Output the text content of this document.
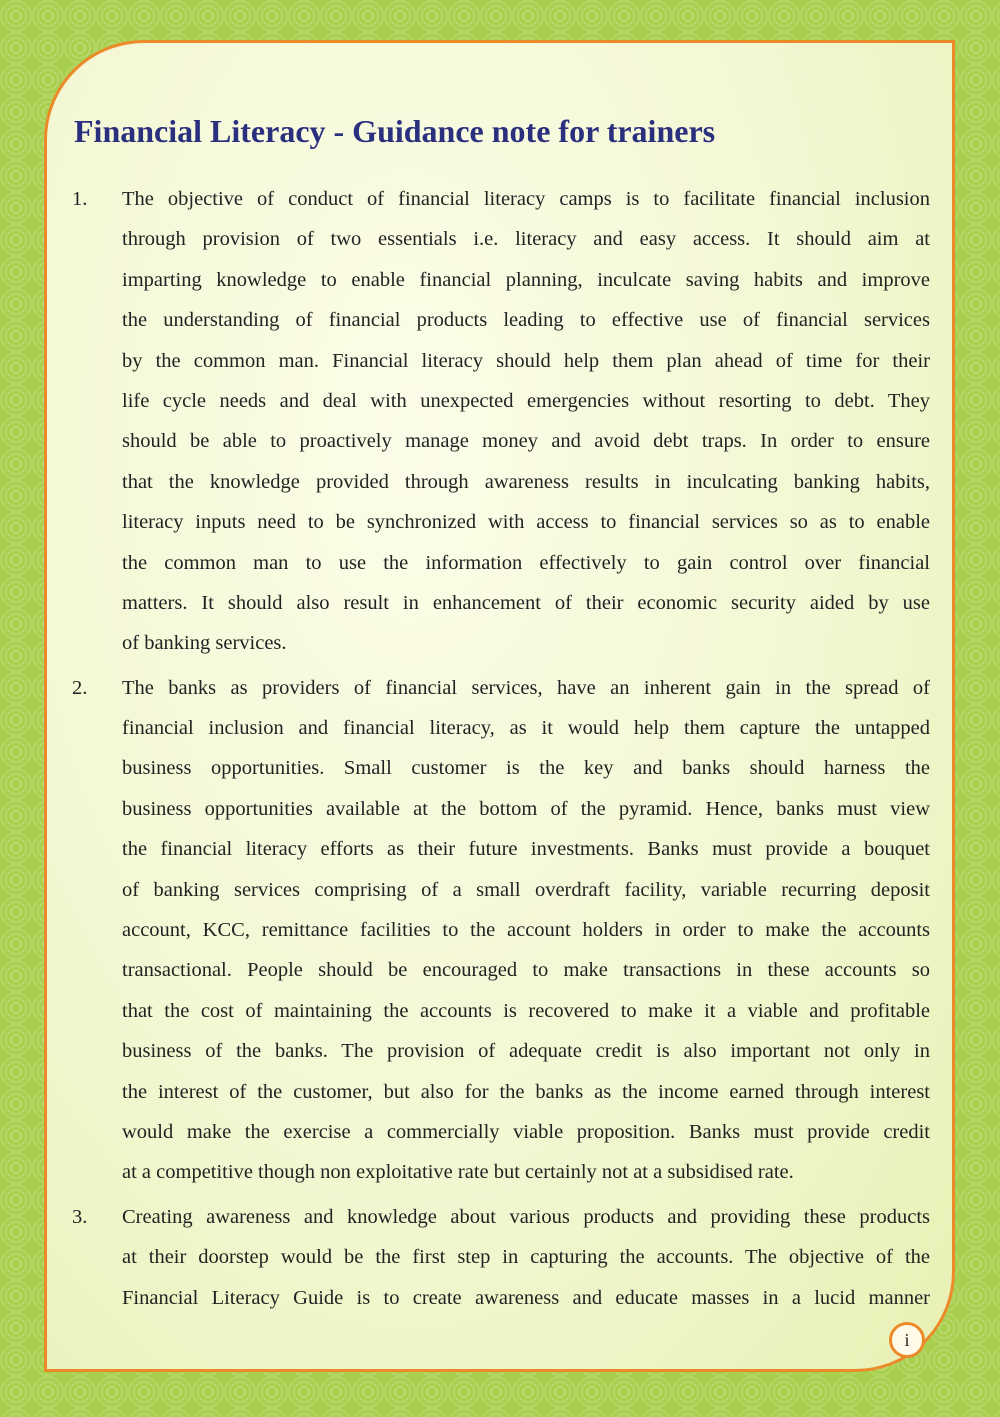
Financial Literacy - Guidance note for trainers
1. The objective of conduct of financial literacy camps is to facilitate financial inclusion
through provision of two essentials i.e. literacy and easy access. It should aim at
imparting knowledge to enable financial planning, inculcate saving habits and improve
the understanding of financial products leading to effective use of financial services
by the common man. Financial literacy should help them plan ahead of time for their
life cycle needs and deal with unexpected emergencies without resorting to debt. They
should be able to proactively manage money and avoid debt traps. In order to ensure
that the knowledge provided through awareness results in inculcating banking habits,
literacy inputs need to be synchronized with access to financial services so as to enable
the common man to use the information effectively to gain control over financial
matters. It should also result in enhancement of their economic security aided by use
of banking services.
2. The banks as providers of financial services, have an inherent gain in the spread of
financial inclusion and financial literacy, as it would help them capture the untapped
business opportunities. Small customer is the key and banks should harness the
business opportunities available at the bottom of the pyramid. Hence, banks must view
the financial literacy efforts as their future investments. Banks must provide a bouquet
of banking services comprising of a small overdraft facility, variable recurring deposit
account, KCC, remittance facilities to the account holders in order to make the accounts
transactional. People should be encouraged to make transactions in these accounts so
that the cost of maintaining the accounts is recovered to make it a viable and profitable
business of the banks. The provision of adequate credit is also important not only in
the interest of the customer, but also for the banks as the income earned through interest
would make the exercise a commercially viable proposition. Banks must provide credit
at a competitive though non exploitative rate but certainly not at a subsidised rate.
3. Creating awareness and knowledge about various products and providing these products
at their doorstep would be the first step in capturing the accounts. The objective of the
Financial Literacy Guide is to create awareness and educate masses in a lucid manner
i
